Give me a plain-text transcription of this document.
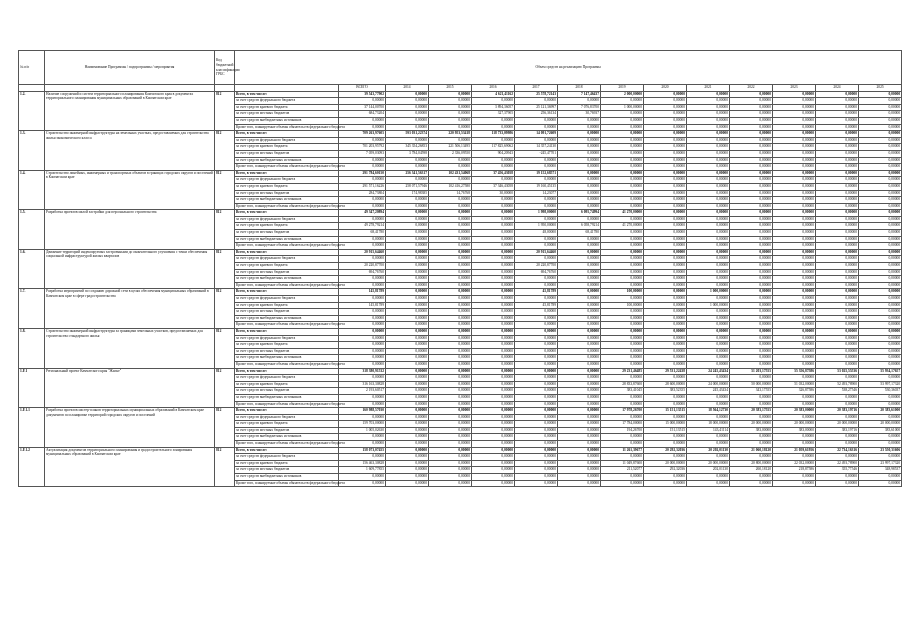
№ п/п	Наименование Программы / подпрограммы / мероприятия	Код бюджетной классификации ГРБС	Объем средств на реализацию Программы													
				ВСЕГО	2014	2015	2016	2017	2018	2019	2020	2021	2022	2023	2024	2025
1.2.	Наличие сооружений и систем территориального планирования Камчатского края в документах территориального планирования муниципальных образований в Камчатском крае	812	Всего, в том числе:	39 543,77902	0,00000	0,00000	4 621,41162	25 578,72143	7 147,46437	2 000,00000	0,00000	0,00000	0,00000	0,00000	0,00000	0,00000
			за счет средств федерального бюджета	0,00000	0,00000	0,00000	0,00000	0,00000	0,00000	0,00000	0,00000	0,00000	0,00000	0,00000	0,00000	0,00000
			за счет средств краевого бюджета	37 144,00700	0,00000	0,00000	3 894,36057	25 121,36997	7 076,83700	1 000,00000	0,00000	0,00000	0,00000	0,00000	0,00000	0,00000
			за счет средств местных бюджетов	684,73204	0,00000	0,00000	327,37905	256,36134	30,76937	0,00000	0,00000	0,00000	0,00000	0,00000	0,00000	0,00000
			за счет средств внебюджетных источников	0,00000	0,00000	0,00000	0,00000	0,00000	0,00000	0,00000	0,00000	0,00000	0,00000	0,00000	0,00000	0,00000
			Кроме того, планируемые объемы обязательств федерального бюджета	0,00000	0,00000	0,00000	0,00000	0,00000	0,00000	0,00000	0,00000	0,00000	0,00000	0,00000	0,00000	0,00000
1.3.	Строительство инженерной инфраструктуры на земельных участках, предоставляемых для строительства жилья экономического класса	812	Всего, в том числе:	709 263,97605	593 031,22374	220 953,53418	118 733,09986	14 091,72609	0,00000	0,00000	0,00000	0,00000	0,00000	0,00000	0,00000	0,00000
			за счет средств федерального бюджета	0,00000	0,00000	0,00000	0,00000	0,00000	0,00000	0,00000	0,00000	0,00000	0,00000	0,00000	0,00000	0,00000
			за счет средств краевого бюджета	701 203,95792	345 354,26853	221 506,13495	117 825,69062	14 357,24130	0,00000	0,00000	0,00000	0,00000	0,00000	0,00000	0,00000	0,00000
			за счет средств местных бюджетов	7 059,03093	3 784,04598	2 336,09550	904,20943	-245,47701	0,00000	0,00000	0,00000	0,00000	0,00000	0,00000	0,00000	0,00000
			за счет средств внебюджетных источников	0,00000	0,00000	0,00000	0,00000	0,00000	0,00000	0,00000	0,00000	0,00000	0,00000	0,00000	0,00000	0,00000
			Кроме того, планируемые объемы обязательств федерального бюджета	0,00000	0,00000	0,00000	0,00000	0,00000	0,00000	0,00000	0,00000	0,00000	0,00000	0,00000	0,00000	0,00000
1.4.	Строительство линейных, инженерных и транспортных объектов в границах городских округов и поселений в Камчатском крае	812	Всего, в том числе:	291 784,60150	256 341,56317	102 431,54068	37 456,43058	19 152,68571	0,00000	0,00000	0,00000	0,00000	0,00000	0,00000	0,00000	0,00000
			за счет средств федерального бюджета	0,00000	0,00000	0,00000	0,00000	0,00000	0,00000	0,00000	0,00000	0,00000	0,00000	0,00000	0,00000	0,00000
			за счет средств краевого бюджета	291 571,16226	258 071,57946	102 416,27580	37 346,43058	19 160,45135	0,00000	0,00000	0,00000	0,00000	0,00000	0,00000	0,00000	0,00000
			за счет средств местных бюджетов	284,73804	174,98385	14,76768	30,00000	14,23077	0,00000	0,00000	0,00000	0,00000	0,00000	0,00000	0,00000	0,00000
			за счет средств внебюджетных источников	0,00000	0,00000	0,00000	0,00000	0,00000	0,00000	0,00000	0,00000	0,00000	0,00000	0,00000	0,00000	0,00000
			Кроме того, планируемые объемы обязательств федерального бюджета	0,00000	0,00000	0,00000	0,00000	0,00000	0,00000	0,00000	0,00000	0,00000	0,00000	0,00000	0,00000	0,00000
1.5.	Разработка проектов малой застройки для персонального строительства	812	Всего, в том числе:	49 347,20894	0,00000	0,00000	0,00000	1 998,00000	6 095,74994	41 270,00000	0,00000	0,00000	0,00000	0,00000	0,00000	0,00000
			за счет средств федерального бюджета	0,00000	0,00000	0,00000	0,00000	0,00000	0,00000	0,00000	0,00000	0,00000	0,00000	0,00000	0,00000	0,00000
			за счет средств краевого бюджета	49 278,79214	0,00000	0,00000	0,00000	1 950,00000	6 058,79214	41 270,00000	0,00000	0,00000	0,00000	0,00000	0,00000	0,00000
			за счет средств местных бюджетов	68,41780	0,00000	0,00000	0,00000	48,00000	68,41780	0,00000	0,00000	0,00000	0,00000	0,00000	0,00000	0,00000
			за счет средств внебюджетных источников	0,00000	0,00000	0,00000	0,00000	0,00000	0,00000	0,00000	0,00000	0,00000	0,00000	0,00000	0,00000	0,00000
			Кроме того, планируемые объемы обязательств федерального бюджета	0,00000	0,00000	0,00000	0,00000	0,00000	0,00000	0,00000	0,00000	0,00000	0,00000	0,00000	0,00000	0,00000
1.6.	Движение территорий индексируемых застроенными до окончательного улучшения с точки обеспечения социальной инфраструктурой жилых кварталов	812	Всего, в том числе:	20 915,64460	0,00000	0,00000	0,00000	20 915,64460	0,00000	0,00000	0,00000	0,00000	0,00000	0,00000	0,00000	0,00000
			за счет средств федерального бюджета	0,00000	0,00000	0,00000	0,00000	0,00000	0,00000	0,00000	0,00000	0,00000	0,00000	0,00000	0,00000	0,00000
			за счет средств краевого бюджета	20 220,87700	0,00000	0,00000	0,00000	20 220,87700	0,00000	0,00000	0,00000	0,00000	0,00000	0,00000	0,00000	0,00000
			за счет средств местных бюджетов	694,76760	0,00000	0,00000	0,00000	694,76760	0,00000	0,00000	0,00000	0,00000	0,00000	0,00000	0,00000	0,00000
			за счет средств внебюджетных источников	0,00000	0,00000	0,00000	0,00000	0,00000	0,00000	0,00000	0,00000	0,00000	0,00000	0,00000	0,00000	0,00000
			Кроме того, планируемые объемы обязательств федерального бюджета	0,00000	0,00000	0,00000	0,00000	0,00000	0,00000	0,00000	0,00000	0,00000	0,00000	0,00000	0,00000	0,00000
1.7.	Разработка мероприятий по созданию дорожной сети в целях обеспечения муниципальных образований в Камчатском крае в сфере градостроительства	812	Всего, в том числе:	145,81789	0,00000	0,00000	0,00000	45,81789	0,00000	100,00000	0,00000	1 000,00000	0,00000	0,00000	0,00000	0,00000
			за счет средств федерального бюджета	0,00000	0,00000	0,00000	0,00000	0,00000	0,00000	0,00000	0,00000	0,00000	0,00000	0,00000	0,00000	0,00000
			за счет средств краевого бюджета	145,81789	0,00000	0,00000	0,00000	45,81789	0,00000	100,00000	0,00000	1 000,00000	0,00000	0,00000	0,00000	0,00000
			за счет средств местных бюджетов	0,00000	0,00000	0,00000	0,00000	0,00000	0,00000	0,00000	0,00000	0,00000	0,00000	0,00000	0,00000	0,00000
			за счет средств внебюджетных источников	0,00000	0,00000	0,00000	0,00000	0,00000	0,00000	0,00000	0,00000	0,00000	0,00000	0,00000	0,00000	0,00000
			Кроме того, планируемые объемы обязательств федерального бюджета	0,00000	0,00000	0,00000	0,00000	0,00000	0,00000	0,00000	0,00000	0,00000	0,00000	0,00000	0,00000	0,00000
1.8.	Строительство инженерной инфраструктуры за границами земельных участков, предоставляемых для строительства стандартного жилья	812	Всего, в том числе:	0,00000	0,00000	0,00000	0,00000	0,00000	0,00000	0,00000	0,00000	0,00000	0,00000	0,00000	0,00000	0,00000
			за счет средств федерального бюджета	0,00000	0,00000	0,00000	0,00000	0,00000	0,00000	0,00000	0,00000	0,00000	0,00000	0,00000	0,00000	0,00000
			за счет средств краевого бюджета	0,00000	0,00000	0,00000	0,00000	0,00000	0,00000	0,00000	0,00000	0,00000	0,00000	0,00000	0,00000	0,00000
			за счет средств местных бюджетов	0,00000	0,00000	0,00000	0,00000	0,00000	0,00000	0,00000	0,00000	0,00000	0,00000	0,00000	0,00000	0,00000
			за счет средств внебюджетных источников	0,00000	0,00000	0,00000	0,00000	0,00000	0,00000	0,00000	0,00000	0,00000	0,00000	0,00000	0,00000	0,00000
			Кроме того, планируемые объемы обязательств федерального бюджета	0,00000	0,00000	0,00000	0,00000	0,00000	0,00000	0,00000	0,00000	0,00000	0,00000	0,00000	0,00000	0,00000
1.F.1	Региональный проект Камчатского края "Жилье"	812	Всего, в том числе:	318 380,91532	0,00000	0,00000	0,00000	0,00000	0,00000	29 231,46485	29 531,22438	24 245,43434	51 203,17555	55 356,87586	53 025,55536	55 934,17657
			за счет средств федерального бюджета	0,00000	0,00000	0,00000	0,00000	0,00000	0,00000	0,00000	0,00000	0,00000	0,00000	0,00000	0,00000	0,00000
			за счет средств краевого бюджета	316 163,30828	0,00000	0,00000	0,00000	0,00000	0,00000	28 833,87600	28 600,00000	24 000,00000	50 000,00000	51 032,00000	52 493,78900	53 997,17320
			за счет средств местных бюджетов	2 193,60517	0,00000	0,00000	0,00000	0,00000	0,00000	383,41045	383,52355	245,43434	343,17555	326,87586	538,27546	530,36037
			за счет средств внебюджетных источников	0,00000	0,00000	0,00000	0,00000	0,00000	0,00000	0,00000	0,00000	0,00000	0,00000	0,00000	0,00000	0,00000
			Кроме того, планируемые объемы обязательств федерального бюджета	0,00000	0,00000	0,00000	0,00000	0,00000	0,00000	0,00000	0,00000	0,00000	0,00000	0,00000	0,00000	0,00000
1.F.1.1	Разработка проектов мастер-планов территориальных муниципальных образований в Камчатском крае документов по планировке территорий городских округов и поселений	812	Всего, в том числе:	160 988,57030	0,00000	0,00000	0,00000	0,00000	0,00000	17 978,26700	15 151,13515	18 564,12730	20 383,17555	20 383,00000	20 383,19716	20 383,61000
			за счет средств федерального бюджета	0,00000	0,00000	0,00000	0,00000	0,00000	0,00000	0,00000	0,00000	0,00000	0,00000	0,00000	0,00000	0,00000
			за счет средств краевого бюджета	159 703,00000	0,00000	0,00000	0,00000	0,00000	0,00000	17 784,00000	15 000,00000	18 000,00000	20 000,00000	20 000,00000	20 000,00000	20 000,00000
			за счет средств местных бюджетов	1 005,02630	0,00000	0,00000	0,00000	0,00000	0,00000	194,26700	151,13515	143,41114	383,00000	383,00000	383,19716	383,61000
			за счет средств внебюджетных источников	0,00000	0,00000	0,00000	0,00000	0,00000	0,00000	0,00000	0,00000	0,00000	0,00000	0,00000	0,00000	0,00000
			Кроме того, планируемые объемы обязательств федерального бюджета	0,00000	0,00000	0,00000	0,00000	0,00000	0,00000	0,00000	0,00000	0,00000	0,00000	0,00000	0,00000	0,00000
1.F.1.2	Актуализация документов территориального планирования и градостроительного зонирования муниципальных образований в Камчатском крае	812	Всего, в том числе:	158 073,07455	0,00000	0,00000	0,00000	0,00000	0,00000	11 261,39677	20 292,32036	20 202,01130	21 060,18120	21 059,61956	22 734,16316	23 550,31606
			за счет средств федерального бюджета	0,00000	0,00000	0,00000	0,00000	0,00000	0,00000	0,00000	0,00000	0,00000	0,00000	0,00000	0,00000	0,00000
			за счет средств краевого бюджета	156 463,30828	0,00000	0,00000	0,00000	0,00000	0,00000	11 049,87600	20 000,00000	20 000,00000	20 800,00000	22 032,00000	22 493,78900	23 997,17320
			за счет средств местных бюджетов	1 609,77855	0,00000	0,00000	0,00000	0,00000	0,00000	211,52077	292,32036	202,01130	260,18120	218,87586	355,77546	348,98537
			за счет средств внебюджетных источников	0,00000	0,00000	0,00000	0,00000	0,00000	0,00000	0,00000	0,00000	0,00000	0,00000	0,00000	0,00000	0,00000
			Кроме того, планируемые объемы обязательств федерального бюджета	0,00000	0,00000	0,00000	0,00000	0,00000	0,00000	0,00000	0,00000	0,00000	0,00000	0,00000	0,00000	0,00000
